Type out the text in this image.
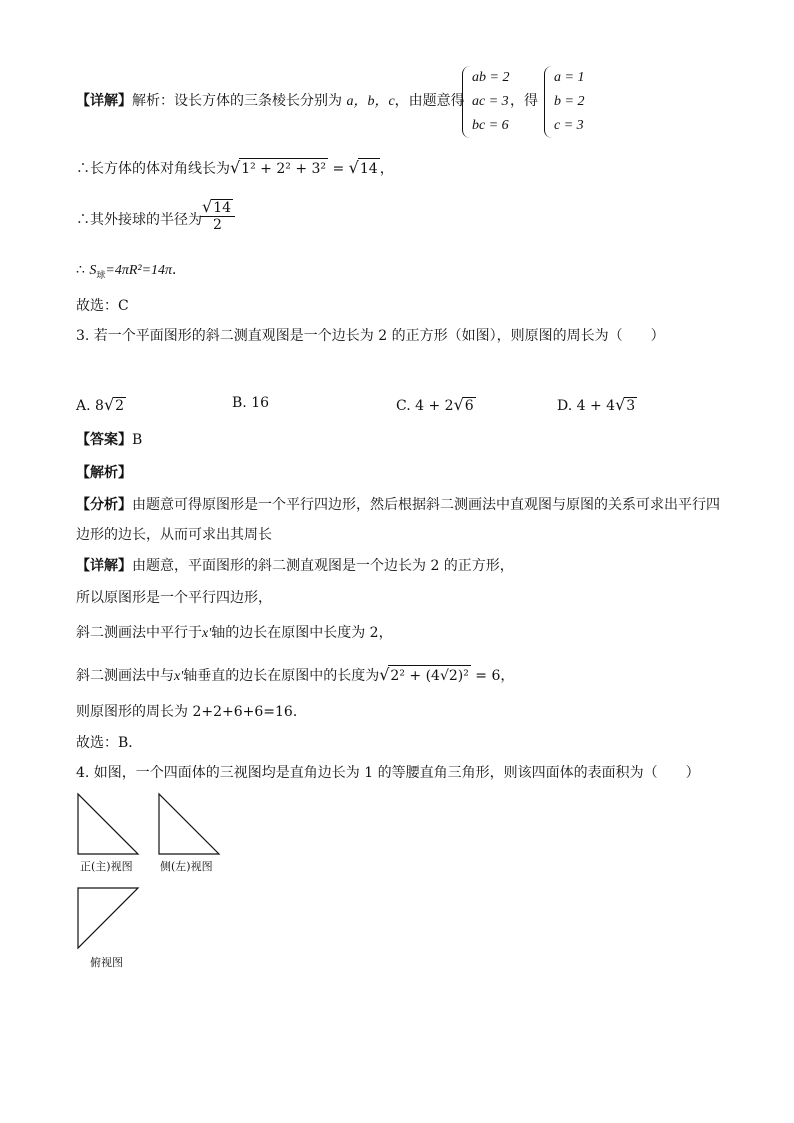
【详解】解析：设长方体的三条棱长分别为 a，b，c，由题意得
ab = 2
ac = 3
bc = 6
，得
a = 1
b = 2
c = 3
∴长方体的体对角线长为√1² + 2² + 3² = √14 ，
∴其外接球的半径为
$\frac{√14}{2}$
∴ $S_球=4\pi R^2=14\pi$．
故选：C
3. 若一个平面图形的斜二测直观图是一个边长为 2 的正方形（如图），则原图的周长为（　　）
A. 8√2	B. 16	C. 4 + 2√6	D. 4 + 4√3
【答案】B
【解析】
【分析】由题意可得原图形是一个平行四边形，然后根据斜二测画法中直观图与原图的关系可求出平行四
边形的边长，从而可求出其周长
【详解】由题意，平面图形的斜二测直观图是一个边长为 2 的正方形，
所以原图形是一个平行四边形，
斜二测画法中平行于x'轴的边长在原图中长度为 2，
斜二测画法中与x'轴垂直的边长在原图中的长度为√2² + (4√2)² = 6，
则原图形的周长为 2+2+6+6=16．
故选：B．
4. 如图，一个四面体的三视图均是直角边长为 1 的等腰直角三角形，则该四面体的表面积为（　　）
正(主)视图 侧(左)视图
俯视图
